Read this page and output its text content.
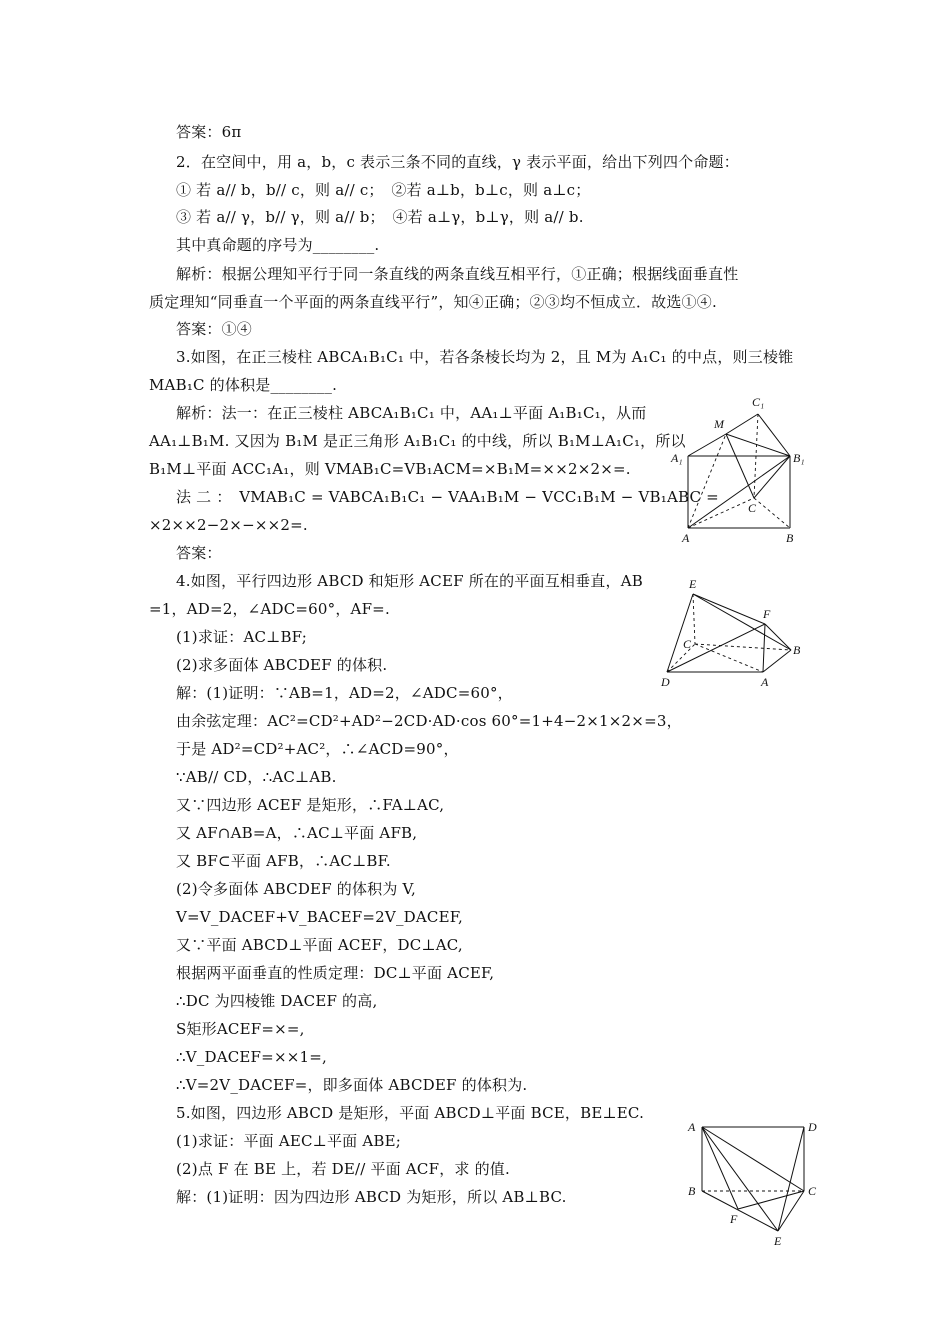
答案：6π
2．在空间中，用 a，b，c 表示三条不同的直线，γ 表示平面，给出下列四个命题：
① 若 a// b，b// c，则 a// c；　②若 a⊥b，b⊥c，则 a⊥c；
③ 若 a// γ，b// γ，则 a// b；　④若 a⊥γ，b⊥γ，则 a// b.
其中真命题的序号为________.
解析：根据公理知平行于同一条直线的两条直线互相平行，①正确；根据线面垂直性
质定理知“同垂直一个平面的两条直线平行”，知④正确；②③均不恒成立．故选①④.
答案：①④
3.如图，在正三棱柱 ABCA₁B₁C₁ 中，若各条棱长均为 2，且 M为 A₁C₁ 的中点，则三棱锥
MAB₁C 的体积是________.
解析：法一：在正三棱柱 ABCA₁B₁C₁ 中，AA₁⊥平面 A₁B₁C₁，从而
AA₁⊥B₁M. 又因为 B₁M 是正三角形 A₁B₁C₁ 的中线，所以 B₁M⊥A₁C₁，所以
B₁M⊥平面 ACC₁A₁，则 VMAB₁C=VB₁ACM=×B₁M=××2×2×=.
法 二 ：　VMAB₁C = VABCA₁B₁C₁ − VAA₁B₁M − VCC₁B₁M − VB₁ABC =
×2××2−2×−××2=.
答案：
4.如图，平行四边形 ABCD 和矩形 ACEF 所在的平面互相垂直，AB
=1，AD=2，∠ADC=60°，AF=.
(1)求证：AC⊥BF;
(2)求多面体 ABCDEF 的体积.
解：(1)证明：∵AB=1，AD=2，∠ADC=60°，
由余弦定理：AC²=CD²+AD²−2CD·AD·cos 60°=1+4−2×1×2×=3，
于是 AD²=CD²+AC²，∴∠ACD=90°，
∵AB// CD，∴AC⊥AB.
又∵四边形 ACEF 是矩形，∴FA⊥AC,
又 AF∩AB=A，∴AC⊥平面 AFB,
又 BF⊂平面 AFB，∴AC⊥BF.
(2)令多面体 ABCDEF 的体积为 V,
V=V_DACEF+V_BACEF=2V_DACEF,
又∵平面 ABCD⊥平面 ACEF，DC⊥AC,
根据两平面垂直的性质定理：DC⊥平面 ACEF,
∴DC 为四棱锥 DACEF 的高,
S矩形ACEF=×=,
∴V_DACEF=××1=,
∴V=2V_DACEF=，即多面体 ABCDEF 的体积为.
5.如图，四边形 ABCD 是矩形，平面 ABCD⊥平面 BCE，BE⊥EC.
(1)求证：平面 AEC⊥平面 ABE;
(2)点 F 在 BE 上，若 DE// 平面 ACF，求 的值.
解：(1)证明：因为四边形 ABCD 为矩形，所以 AB⊥BC.
C₁
M
A₁	B₁
C
A	B
E
F
C	B
D	A
A	D
B	C
F
E
